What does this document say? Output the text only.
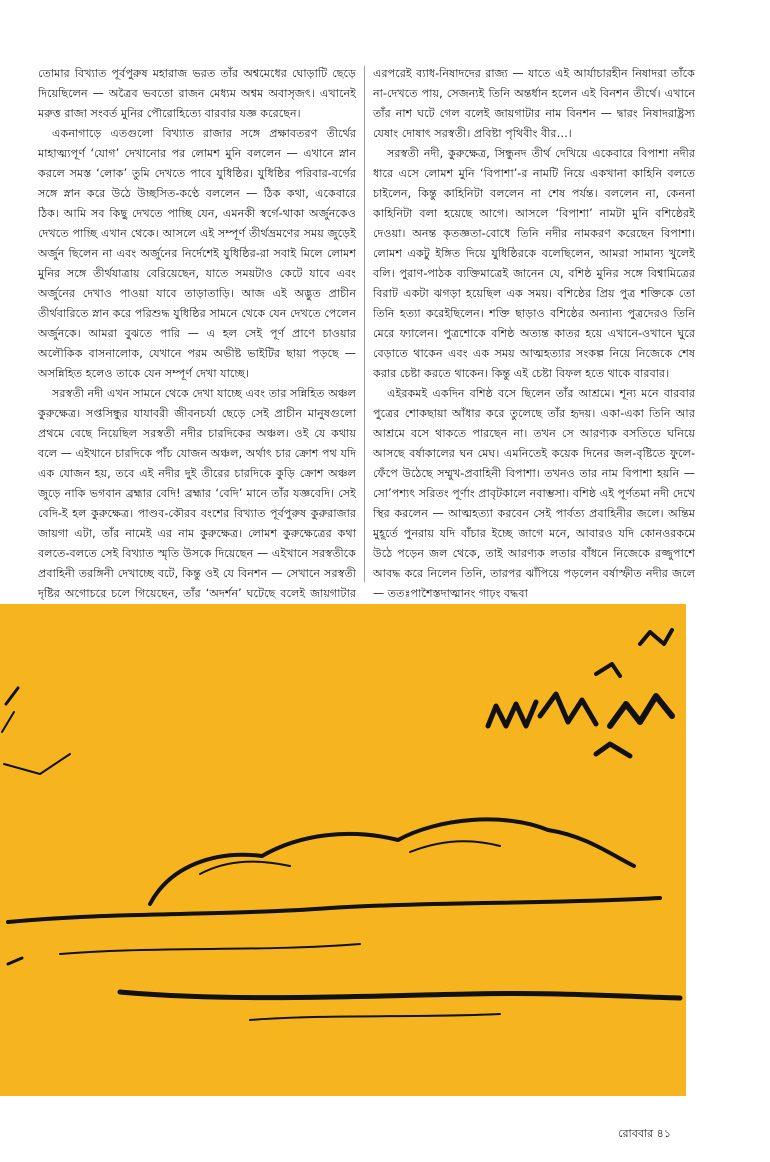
তোমার বিখ্যাত পূর্বপুরুষ মহারাজ ভরত তাঁর অশ্বমেধের ঘোড়াটি ছেড়ে দিয়েছিলেন — অত্রৈব ভবতো রাজন মেধ্যম অশ্বম অবাসৃজৎ। এখানেই মরুত্ত রাজা সংবর্ত মুনির পৌরোহিত্যে বারবার যজ্ঞ করেছেন।

একনাগাড়ে এতগুলো বিখ্যাত রাজার সঙ্গে প্রক্ষাবতরণ তীর্থের মাহাত্ম্যপূর্ণ ‘যোগ’ দেখানোর পর লোমশ মুনি বললেন — এখানে স্নান করলে সমস্ত ‘লোক’ তুমি দেখতে পাবে যুধিষ্ঠির। যুধিষ্ঠির পরিবার-বর্গের সঙ্গে স্নান করে উঠে উচ্ছসিত-কণ্ঠে বললেন — ঠিক কথা, একেবারে ঠিক। আমি সব কিছু দেখতে পাচ্ছি যেন, এমনকী স্বর্গে-থাকা অর্জুনকেও দেখতে পাচ্ছি এখান থেকে। আসলে এই সম্পূর্ণ তীর্থভ্রমণের সময় জুড়েই অর্জুন ছিলেন না এবং অর্জুনের নির্দেশেই যুধিষ্ঠির-রা সবাই মিলে লোমশ মুনির সঙ্গে তীর্থযাত্রায় বেরিয়েছেন, যাতে সময়টাও কেটে যাবে এবং অর্জুনের দেখাও পাওয়া যাবে তাড়াতাড়ি। আজ এই অদ্ভুত প্রাচীন তীর্থবারিতে স্নান করে পরিশুদ্ধ যুধিষ্ঠির সামনে থেকে যেন দেখতে পেলেন অর্জুনকে। আমরা বুঝতে পারি — এ হল সেই পূর্ণ প্রাণে চাওয়ার অলৌকিক বাসনালোক, যেখানে পরম অভীষ্ট ভাইটির ছায়া পড়ছে — অসন্নিহিত হলেও তাকে যেন সম্পূর্ণ দেখা যাচ্ছে।

সরস্বতী নদী এখন সামনে থেকে দেখা যাচ্ছে এবং তার সন্নিহিত অঞ্চল কুরুক্ষেত্র। সপ্তসিন্ধুর যাযাবরী জীবনচর্যা ছেড়ে সেই প্রাচীন মানুষগুলো প্রথমে বেছে নিয়েছিল সরস্বতী নদীর চারদিকের অঞ্চল। ওই যে কথায় বলে — এইখানে চারদিকে পাঁচ যোজন অঞ্চল, অর্থাৎ চার ক্রোশ পথ যদি এক যোজন হয়, তবে এই নদীর দুই তীরের চারদিকে কুড়ি ক্রোশ অঞ্চল জুড়ে নাকি ভগবান ব্রহ্মার বেদি! ব্রহ্মার ‘বেদি’ মানে তাঁর যজ্ঞবেদি। সেই বেদি-ই হল কুরুক্ষেত্র। পাণ্ডব-কৌরব বংশের বিখ্যাত পূর্বপুরুষ কুরুরাজার জায়গা এটা, তাঁর নামেই এর নাম কুরুক্ষেত্র। লোমশ কুরুক্ষেত্রের কথা বলতে-বলতে সেই বিখ্যাত স্মৃতি উসকে দিয়েছেন — এইখানে সরস্বতীকে প্রবাহিনী তরঙ্গিনী দেখাচ্ছে বটে, কিন্তু ওই যে বিনশন — সেখানে সরস্বতী দৃষ্টির অগোচরে চলে গিয়েছেন, তাঁর ‘অদর্শন’ ঘটেছে বলেই জায়গাটার

এরপরেই ব্যাধ-নিষাদদের রাজ্য — যাতে এই আর্যাচারহীন নিষাদরা তাঁকে না-দেখতে পায়, সেজন্যই তিনি অন্তর্ধান হলেন এই বিনশন তীর্থে। এখানে তাঁর নাশ ঘটে গেল বলেই জায়গাটার নাম বিনশন — দ্বারং নিষাদরাষ্ট্রস্য যেষাং দোষাৎ সরস্বতী। প্রবিষ্টা পৃথিবীং বীর…।

সরস্বতী নদী, কুরুক্ষেত্র, সিন্ধুনদ তীর্থ দেখিয়ে একেবারে বিপাশা নদীর ধারে এসে লোমশ মুনি ‘বিপাশা’-র নামটি নিয়ে একখানা কাহিনি বলতে চাইলেন, কিন্তু কাহিনিটা বললেন না শেষ পর্যন্ত। বললেন না, কেননা কাহিনিটা বলা হয়েছে আগে। আসলে ‘বিপাশা’ নামটা মুনি বশিষ্ঠেরই দেওয়া। অনন্ত কৃতজ্ঞতা-বোধে তিনি নদীর নামকরণ করেছেন বিপাশা। লোমশ একটু ইঙ্গিত দিয়ে যুধিষ্ঠিরকে বলেছিলেন, আমরা সামান্য খুলেই বলি। পুরাণ-পাঠক ব্যক্তিমাত্রেই জানেন যে, বশিষ্ঠ মুনির সঙ্গে বিশ্বামিত্রের বিরাট একটা ঝগড়া হয়েছিল এক সময়। বশিষ্ঠের প্রিয় পুত্র শক্তিকে তো তিনি হত্যা করেইছিলেন। শক্তি ছাড়াও বশিষ্ঠের অন্যান্য পুত্রদেরও তিনি মেরে ফ্যালেন। পুত্রশোকে বশিষ্ঠ অত্যন্ত কাতর হয়ে এখানে-ওখানে ঘুরে বেড়াতে থাকেন এবং এক সময় আত্মহত্যার সংকল্প নিয়ে নিজেকে শেষ করার চেষ্টা করতে থাকেন। কিন্তু এই চেষ্টা বিফল হতে থাকে বারবার।

এইরকমই একদিন বশিষ্ঠ বসে ছিলেন তাঁর আশ্রমে। শূন্য মনে বারবার পুত্রের শোকছায়া আঁধার করে তুলেছে তাঁর হৃদয়। একা-একা তিনি আর আশ্রমে বসে থাকতে পারছেন না। তখন সে আরণ্যক বসতিতে ঘনিয়ে আসছে বর্ষাকালের ঘন মেঘ। এমনিতেই কয়েক দিনের জল-বৃষ্টিতে ফুলে-ফেঁপে উঠেছে সম্মুখ-প্রবাহিনী বিপাশা। তখনও তার নাম বিপাশা হয়নি — সো’পশ্যৎ সরিতং পূর্ণাং প্রাবৃটকালে নবাম্ভসা। বশিষ্ঠ এই পূর্ণতমা নদী দেখে স্থির করলেন — আত্মহত্যা করবেন সেই পার্বত্য প্রবাহিনীর জলে। অন্তিম মুহূর্তে পুনরায় যদি বাঁচার ইচ্ছে জাগে মনে, আবারও যদি কোনওরকমে উঠে পড়েন জল থেকে, তাই আরণ্যক লতার বাঁধনে নিজেকে রজ্জুপাশে আবদ্ধ করে নিলেন তিনি, তারপর ঝাঁপিয়ে পড়লেন বর্ষাস্ফীত নদীর জলে — ততঃপাশৈস্তদাত্মানং গাঢ়ং বদ্ধবা

রোববার ৪১
